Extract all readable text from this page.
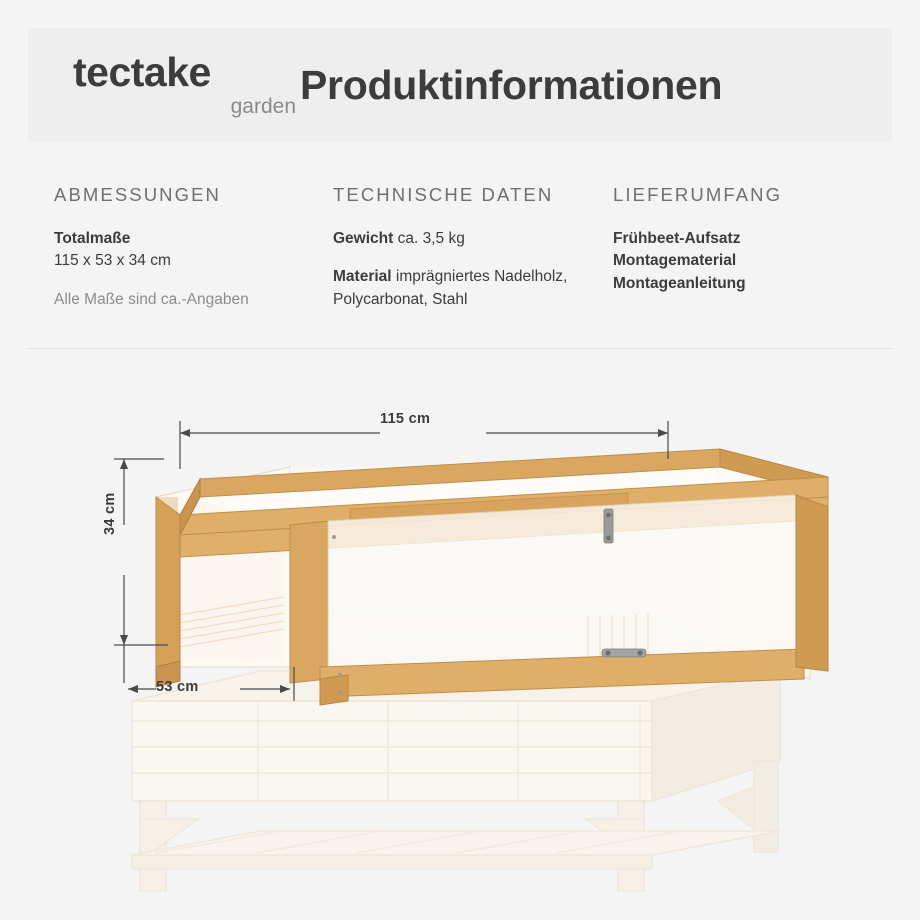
tectake
garden Produktinformationen
ABMESSUNGEN

Totalmaße
115 x 53 x 34 cm

Alle Maße sind ca.-Angaben

TECHNISCHE DATEN

Gewicht ca. 3,5 kg

Material imprägniertes Nadelholz, Polycarbonat, Stahl

LIEFERUMFANG

Frühbeet-Aufsatz
Montagematerial
Montageanleitung

115 cm
34 cm
53 cm
